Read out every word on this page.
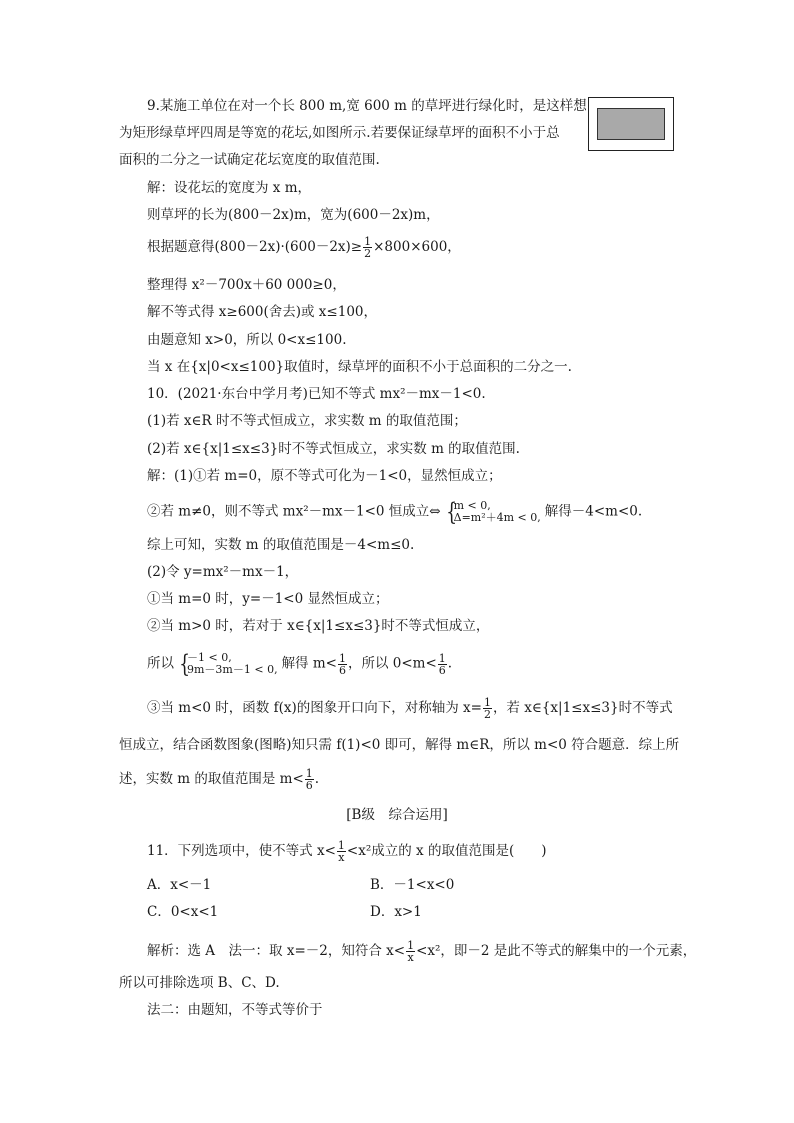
9.某施工单位在对一个长 800 m,宽 600 m 的草坪进行绿化时，是这样想
为矩形绿草坪四周是等宽的花坛,如图所示.若要保证绿草坪的面积不小于总
面积的二分之一试确定花坛宽度的取值范围.
解：设花坛的宽度为 x m，
则草坪的长为(800－2x)m，宽为(600－2x)m，
根据题意得$(800-2x)\cdot(600-2x)\ge \frac{1}{2} \times 800\times 600$，
整理得 x²－700x＋60 000≥0，
解不等式得 x≥600(舍去)或 x≤100，
由题意知 x>0，所以 0<x≤100.
当 x 在{x|0<x≤100}取值时，绿草坪的面积不小于总面积的二分之一.
10．(2021·东台中学月考)已知不等式 mx²－mx－1<0.
(1)若 x∈R 时不等式恒成立，求实数 m 的取值范围；
(2)若 x∈{x|1≤x≤3}时不等式恒成立，求实数 m 的取值范围.
解：(1)①若 m=0，原不等式可化为－1<0，显然恒成立；
②若 m≠0，则不等式 mx²－mx－1<0 恒成立⇔ { m < 0,
Δ=m²＋4m < 0, 解得－4<m<0.
综上可知，实数 m 的取值范围是－4<m≤0.
(2)令 y=mx²－mx－1，
①当 m=0 时，y=－1<0 显然恒成立；
②当 m>0 时，若对于 x∈{x|1≤x≤3}时不等式恒成立，
所以 { －1 < 0,
9m－3m－1 < 0, 解得 $m< \frac{1}{6}$ ，所以 $0<m< \frac{1}{6}$ .
③当 m<0 时，函数 f(x)的图象开口向下，对称轴为 $x= \frac{1}{2}$ ，若 x∈{x|1≤x≤3}时不等式
恒成立，结合函数图象(图略)知只需 f(1)<0 即可，解得 m∈R，所以 m<0 符合题意．综上所
述，实数 m 的取值范围是 $m< \frac{1}{6}$ .
[B级　综合运用]
11．下列选项中，使不等式 $x< \frac{1}{x} <x^2$成立的 x 的取值范围是(　　)
A．x<－1	B．－1<x<0
C．0<x<1	D．x>1
解析：选 A　法一：取 x=－2，知符合 $x< \frac{1}{x} <x^2$，即－2 是此不等式的解集中的一个元素，
所以可排除选项 B、C、D.
法二：由题知，不等式等价于
